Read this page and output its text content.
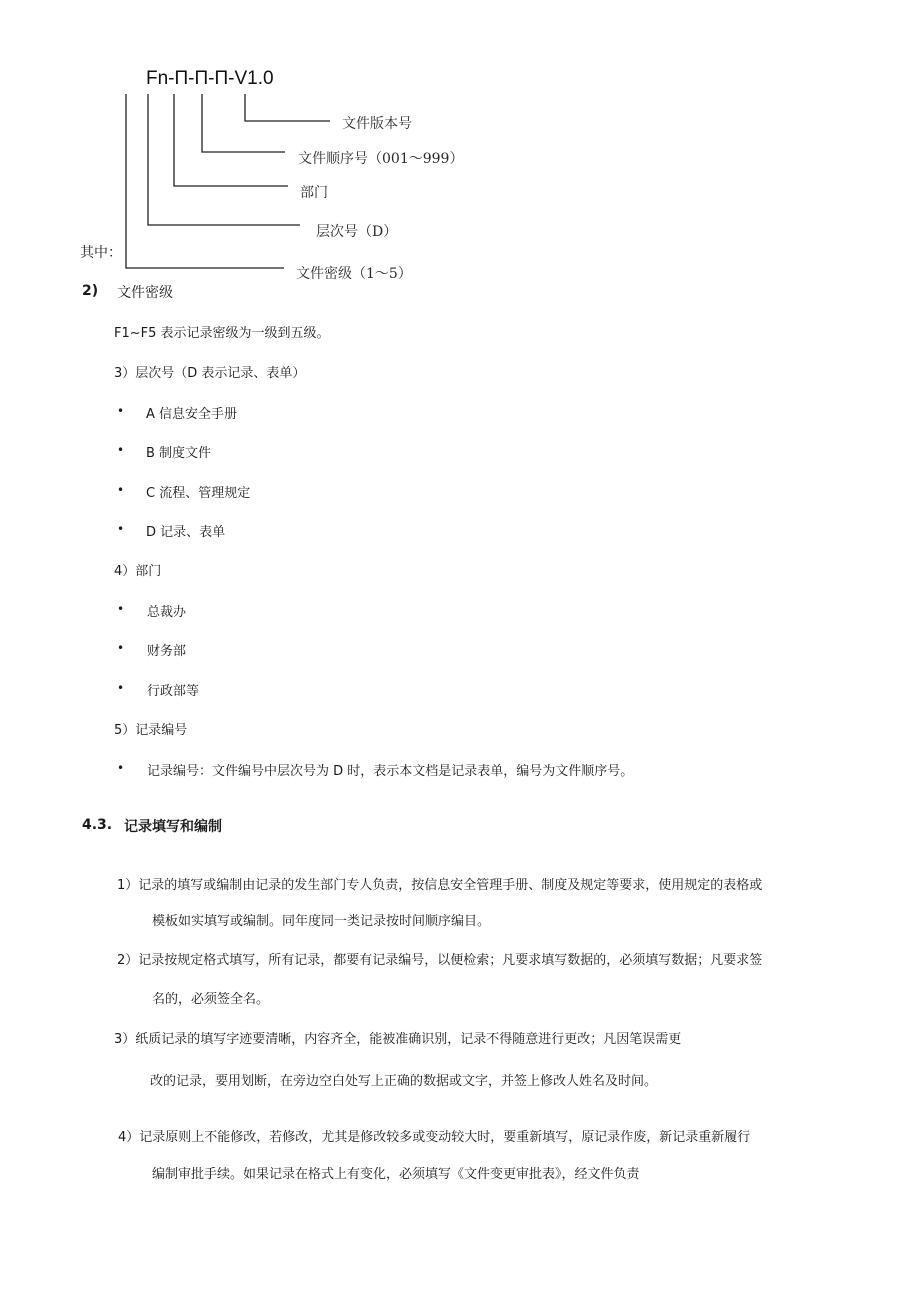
Fn-П-П-П-V1.0
文件版本号
文件顺序号（001～999）
部门
层次号（D）
文件密级（1～5）
其中：
2) 文件密级
F1~F5 表示记录密级为一级到五级。
3）层次号（D 表示记录、表单）
• A 信息安全手册
• B 制度文件
• C 流程、管理规定
• D 记录、表单
4）部门
• 总裁办
• 财务部
• 行政部等
5）记录编号
• 记录编号：文件编号中层次号为 D 时，表示本文档是记录表单，编号为文件顺序号。
4.3. 记录填写和编制
1）记录的填写或编制由记录的发生部门专人负责，按信息安全管理手册、制度及规定等要求，使用规定的表格或
模板如实填写或编制。同年度同一类记录按时间顺序编目。
2）记录按规定格式填写，所有记录，都要有记录编号，以便检索；凡要求填写数据的，必须填写数据；凡要求签
名的，必须签全名。
3）纸质记录的填写字迹要清晰，内容齐全，能被准确识别，记录不得随意进行更改；凡因笔误需更
改的记录，要用划断，在旁边空白处写上正确的数据或文字，并签上修改人姓名及时间。
4）记录原则上不能修改，若修改，尤其是修改较多或变动较大时，要重新填写，原记录作废，新记录重新履行
编制审批手续。如果记录在格式上有变化，必须填写《文件变更审批表》，经文件负责
